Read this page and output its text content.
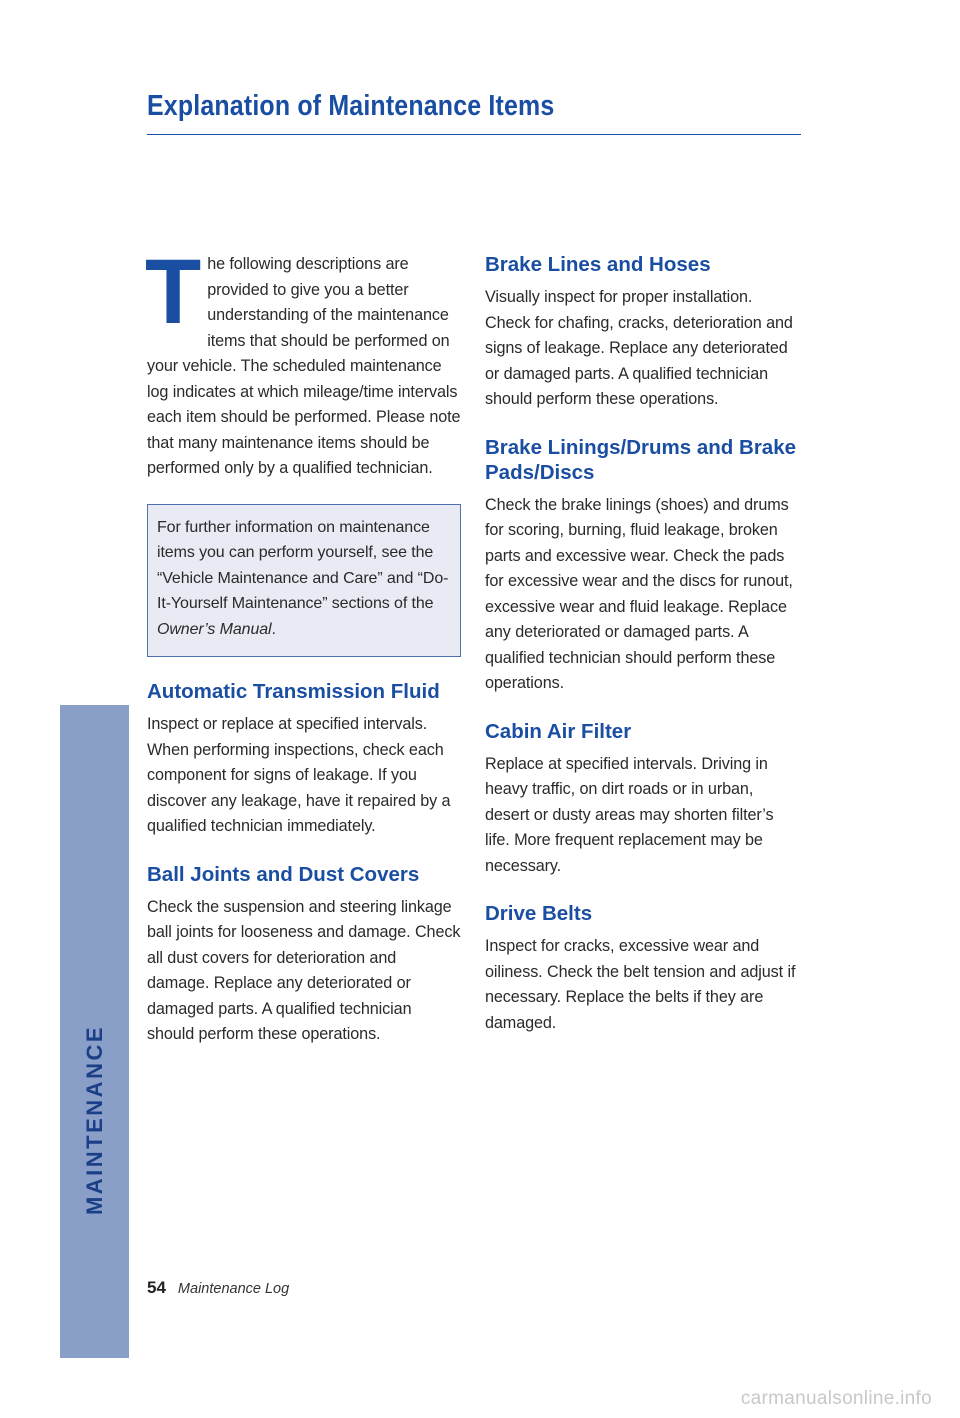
Explanation of Maintenance Items
T he following descriptions are provided to give you a better understanding of the maintenance items that should be performed on your vehicle. The scheduled maintenance log indicates at which mileage/time intervals each item should be performed. Please note that many maintenance items should be performed only by a qualified technician.

For further information on maintenance items you can perform yourself, see the “Vehicle Maintenance and Care” and “Do-It-Yourself Maintenance” sections of the Owner’s Manual.

Automatic Transmission Fluid

Inspect or replace at specified intervals. When performing inspections, check each component for signs of leakage. If you discover any leakage, have it repaired by a qualified technician immediately.

Ball Joints and Dust Covers

Check the suspension and steering linkage ball joints for looseness and damage. Check all dust covers for deterioration and damage. Replace any deteriorated or damaged parts. A qualified technician should perform these operations.

Brake Lines and Hoses

Visually inspect for proper installation. Check for chafing, cracks, deterioration and signs of leakage. Replace any deteriorated or damaged parts. A qualified technician should perform these operations.

Brake Linings/Drums and Brake Pads/Discs

Check the brake linings (shoes) and drums for scoring, burning, fluid leakage, broken parts and excessive wear. Check the pads for excessive wear and the discs for runout, excessive wear and fluid leakage. Replace any deteriorated or damaged parts. A qualified technician should perform these operations.

Cabin Air Filter

Replace at specified intervals. Driving in heavy traffic, on dirt roads or in urban, desert or dusty areas may shorten filter’s life. More frequent replacement may be necessary.

Drive Belts

Inspect for cracks, excessive wear and oiliness. Check the belt tension and adjust if necessary. Replace the belts if they are damaged.

MAINTENANCE
54 Maintenance Log
carmanualsonline.info
